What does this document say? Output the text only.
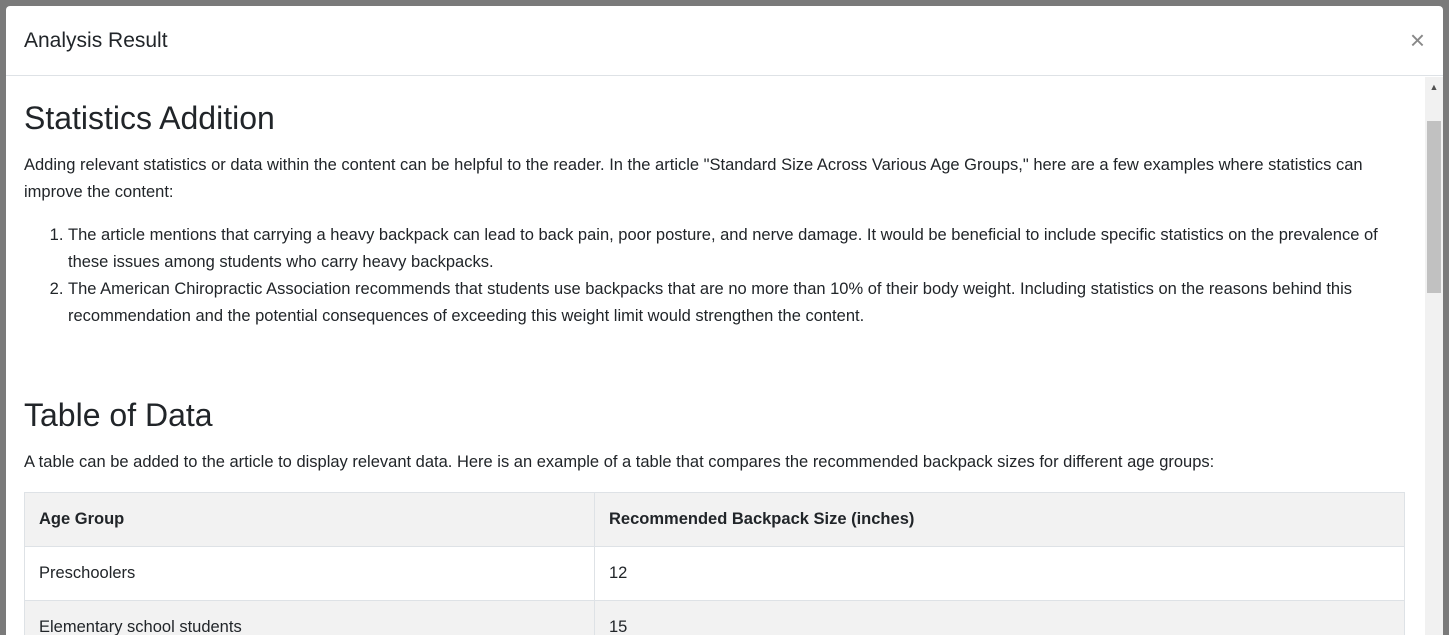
Analysis Result	×
Statistics Addition

Adding relevant statistics or data within the content can be helpful to the reader. In the article "Standard Size Across Various Age Groups," here are a few examples where statistics can improve the content:

1. The article mentions that carrying a heavy backpack can lead to back pain, poor posture, and nerve damage. It would be beneficial to include specific statistics on the prevalence of these issues among students who carry heavy backpacks.
2. The American Chiropractic Association recommends that students use backpacks that are no more than 10% of their body weight. Including statistics on the reasons behind this recommendation and the potential consequences of exceeding this weight limit would strengthen the content.
Table of Data

A table can be added to the article to display relevant data. Here is an example of a table that compares the recommended backpack sizes for different age groups:

Age Group	Recommended Backpack Size (inches)
Preschoolers	12
Elementary school students	15
▲
